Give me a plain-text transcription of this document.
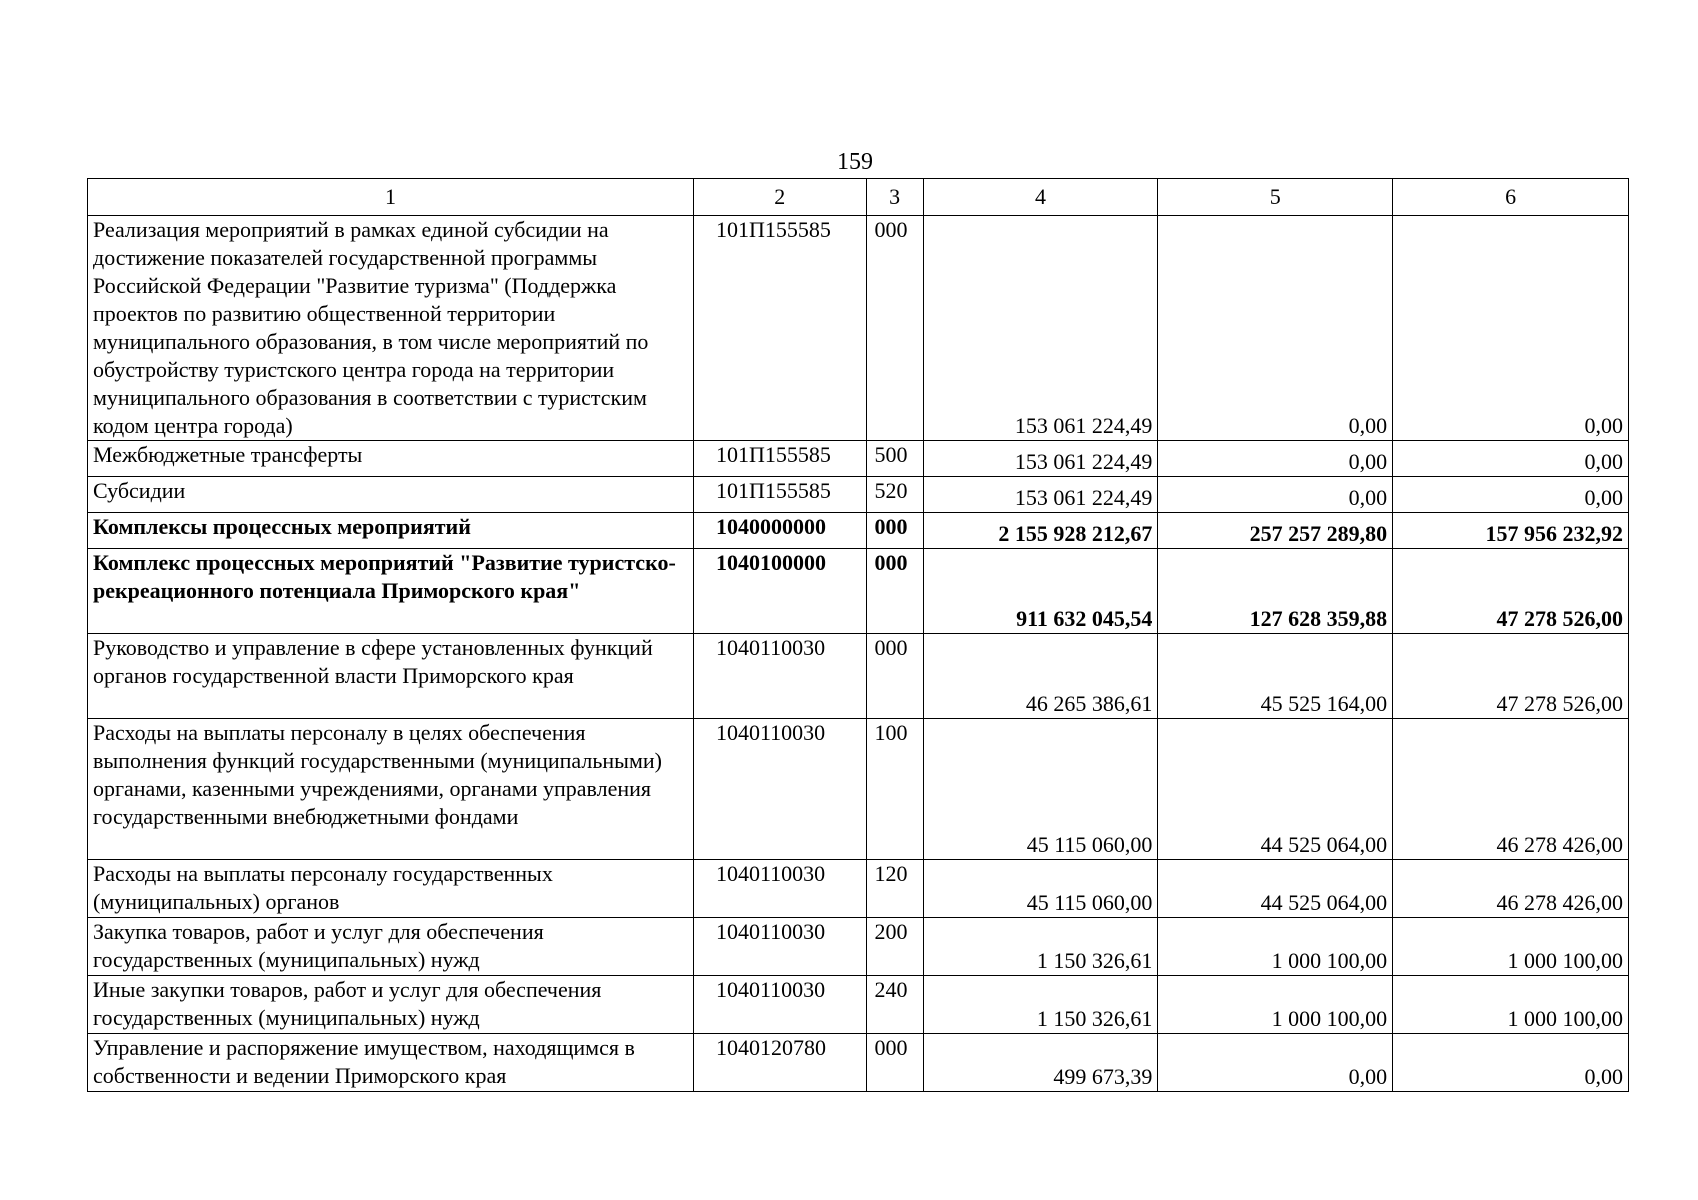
159
1	2	3	4	5	6
Реализация мероприятий в рамках единой субсидии на достижение показателей государственной программы Российской Федерации "Развитие туризма" (Поддержка проектов по развитию общественной территории муниципального образования, в том числе мероприятий по обустройству туристского центра города на территории муниципального образования в соответствии с туристским кодом центра города)	101П155585	000	153 061 224,49	0,00	0,00
Межбюджетные трансферты	101П155585	500	153 061 224,49	0,00	0,00
Субсидии	101П155585	520	153 061 224,49	0,00	0,00
Комплексы процессных мероприятий	1040000000	000	2 155 928 212,67	257 257 289,80	157 956 232,92
Комплекс процессных мероприятий "Развитие туристско-рекреационного потенциала Приморского края"	1040100000	000	911 632 045,54	127 628 359,88	47 278 526,00
Руководство и управление в сфере установленных функций органов государственной власти Приморского края	1040110030	000	46 265 386,61	45 525 164,00	47 278 526,00
Расходы на выплаты персоналу в целях обеспечения выполнения функций государственными (муниципальными) органами, казенными учреждениями, органами управления государственными внебюджетными фондами	1040110030	100	45 115 060,00	44 525 064,00	46 278 426,00
Расходы на выплаты персоналу государственных (муниципальных) органов	1040110030	120	45 115 060,00	44 525 064,00	46 278 426,00
Закупка товаров, работ и услуг для обеспечения государственных (муниципальных) нужд	1040110030	200	1 150 326,61	1 000 100,00	1 000 100,00
Иные закупки товаров, работ и услуг для обеспечения государственных (муниципальных) нужд	1040110030	240	1 150 326,61	1 000 100,00	1 000 100,00
Управление и распоряжение имуществом, находящимся в собственности и ведении Приморского края	1040120780	000	499 673,39	0,00	0,00
